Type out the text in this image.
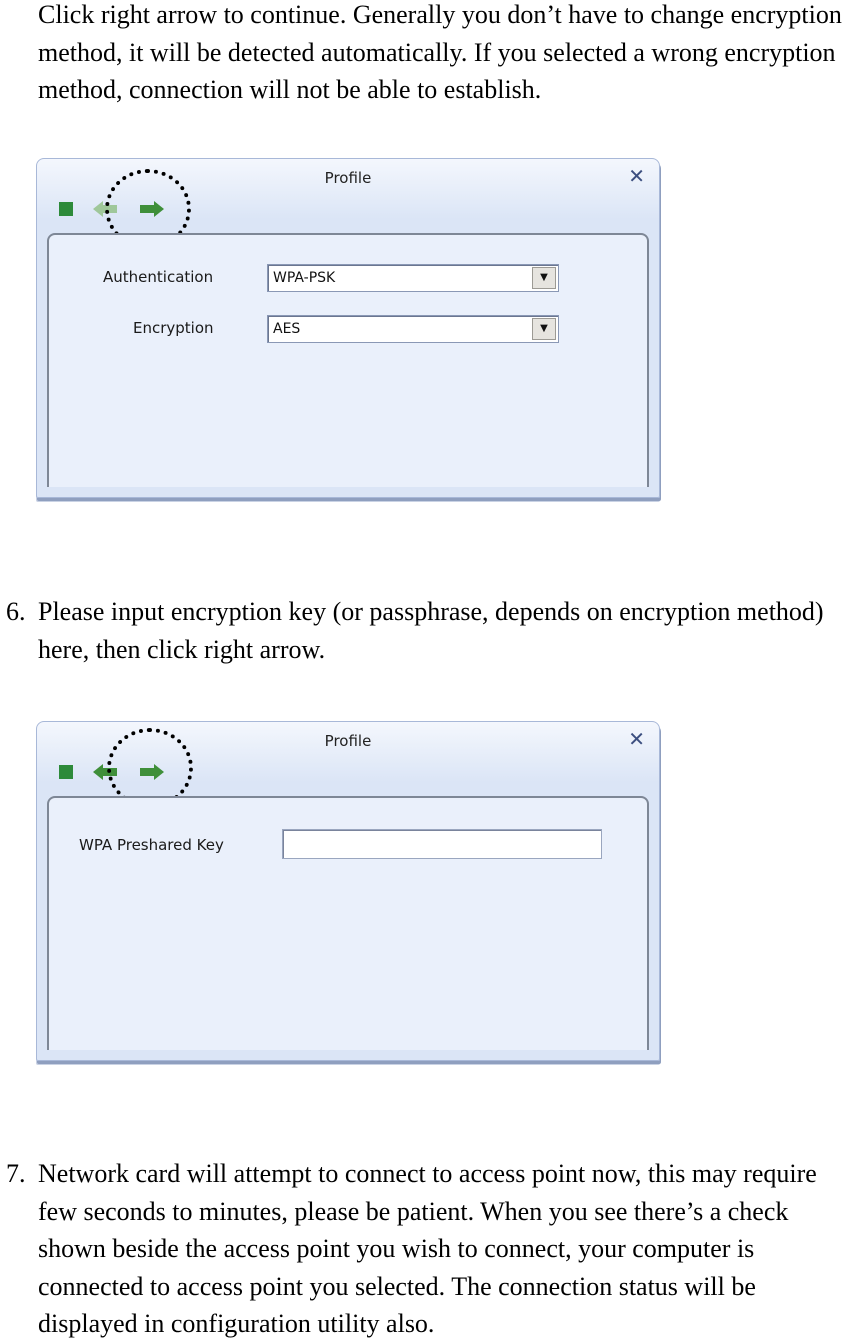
Click right arrow to continue. Generally you don’t have to change encryption method, it will be detected automatically. If you selected a wrong encryption method, connection will not be able to establish.

Profile	✕
Authentication	WPA-PSK	▼
Encryption	AES	▼
6. Please input encryption key (or passphrase, depends on encryption method) here, then click right arrow.

Profile	✕
WPA Preshared Key
7. Network card will attempt to connect to access point now, this may require few seconds to minutes, please be patient. When you see there’s a check shown beside the access point you wish to connect, your computer is connected to access point you selected. The connection status will be displayed in configuration utility also.
